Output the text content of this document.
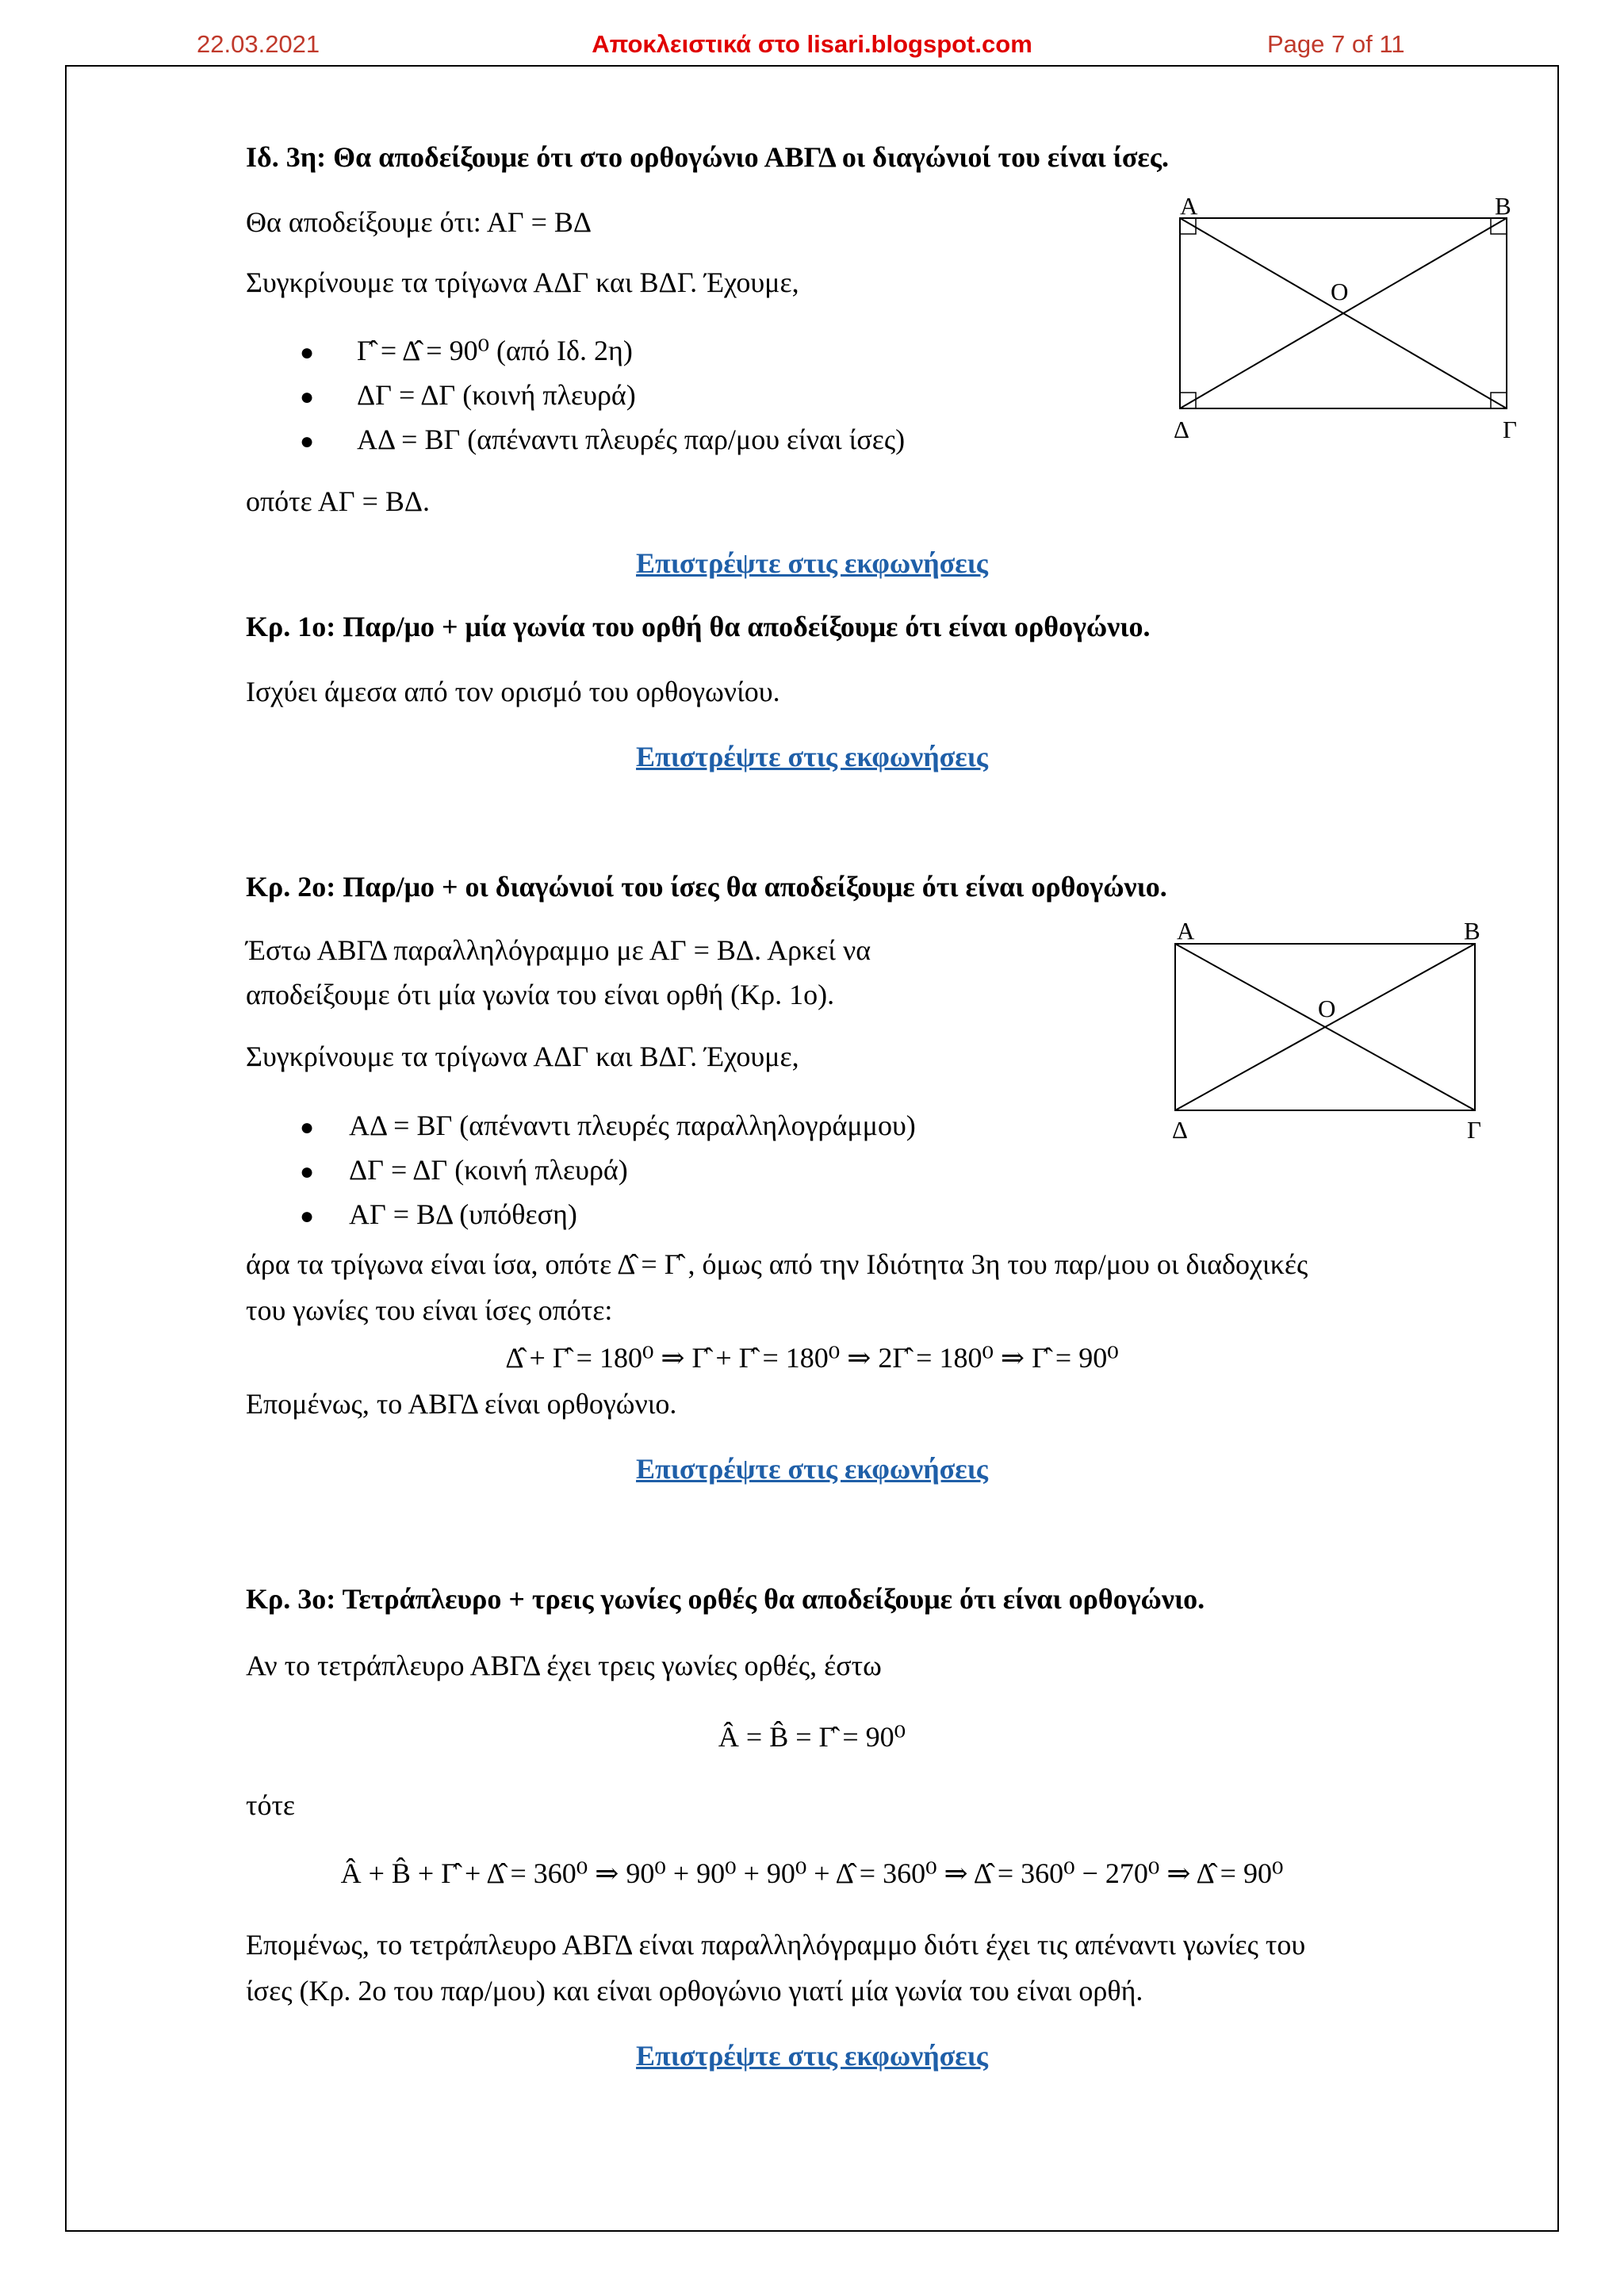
22.03.2021	Αποκλειστικά στο lisari.blogspot.com	Page 7 of 11
Ιδ. 3η: Θα αποδείξουμε ότι στο ορθογώνιο ΑΒΓΔ οι διαγώνιοί του είναι ίσες.
Θα αποδείξουμε ότι: ΑΓ = ΒΔ
Συγκρίνουμε τα τρίγωνα ΑΔΓ και ΒΔΓ. Έχουμε,
● Γ̂ = Δ̂ = 90⁰ (από Ιδ. 2η)
● ΔΓ = ΔΓ (κοινή πλευρά)
● ΑΔ = ΒΓ (απέναντι πλευρές παρ/μου είναι ίσες)
οπότε ΑΓ = ΒΔ.
Επιστρέψτε στις εκφωνήσεις
Α	Β
Ο
Δ	Γ
Κρ. 1ο: Παρ/μο + μία γωνία του ορθή θα αποδείξουμε ότι είναι ορθογώνιο.
Ισχύει άμεσα από τον ορισμό του ορθογωνίου.
Επιστρέψτε στις εκφωνήσεις
Κρ. 2ο: Παρ/μο + οι διαγώνιοί του ίσες θα αποδείξουμε ότι είναι ορθογώνιο.
Έστω ΑΒΓΔ παραλληλόγραμμο με ΑΓ = ΒΔ. Αρκεί να
αποδείξουμε ότι μία γωνία του είναι ορθή (Κρ. 1ο).
Συγκρίνουμε τα τρίγωνα ΑΔΓ και ΒΔΓ. Έχουμε,
● ΑΔ = ΒΓ (απέναντι πλευρές παραλληλογράμμου)
● ΔΓ = ΔΓ (κοινή πλευρά)
● ΑΓ = ΒΔ (υπόθεση)
άρα τα τρίγωνα είναι ίσα, οπότε Δ̂ = Γ̂ , όμως από την Ιδιότητα 3η του παρ/μου οι διαδοχικές
του γωνίες του είναι ίσες οπότε:
Δ̂ + Γ̂ = 180⁰ ⇒ Γ̂ + Γ̂ = 180⁰ ⇒ 2Γ̂ = 180⁰ ⇒ Γ̂ = 90⁰
Επομένως, το ΑΒΓΔ είναι ορθογώνιο.
Επιστρέψτε στις εκφωνήσεις
Α	Β
Ο
Δ	Γ
Κρ. 3ο: Τετράπλευρο + τρεις γωνίες ορθές θα αποδείξουμε ότι είναι ορθογώνιο.
Αν το τετράπλευρο ΑΒΓΔ έχει τρεις γωνίες ορθές, έστω
Â = B̂ = Γ̂ = 90⁰
τότε
Â + B̂ + Γ̂ + Δ̂ = 360⁰ ⇒ 90⁰ + 90⁰ + 90⁰ + Δ̂ = 360⁰ ⇒ Δ̂ = 360⁰ − 270⁰ ⇒ Δ̂ = 90⁰
Επομένως, το τετράπλευρο ΑΒΓΔ είναι παραλληλόγραμμο διότι έχει τις απέναντι γωνίες του
ίσες (Κρ. 2ο του παρ/μου) και είναι ορθογώνιο γιατί μία γωνία του είναι ορθή.
Επιστρέψτε στις εκφωνήσεις
